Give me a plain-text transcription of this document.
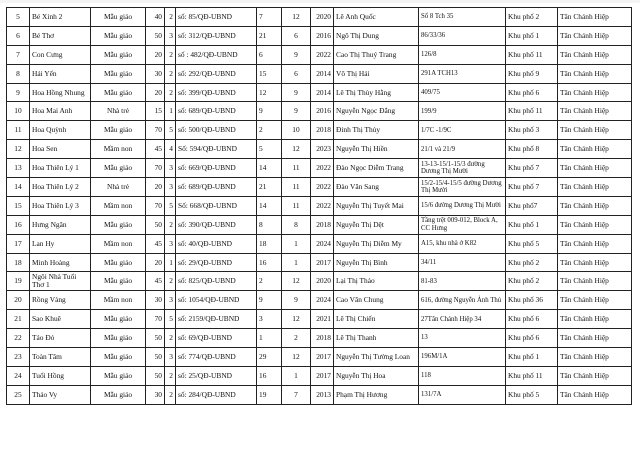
5	Bé Xinh 2	Mẫu giáo	40	2	số: 85/QĐ-UBND	7	12	2020	Lê Anh Quốc	Số 8 Tch 35	Khu phố 2	Tân Chánh Hiệp
6	Bé Thơ	Mẫu giáo	50	3	số: 312/QĐ-UBND	21	6	2016	Ngô Thị Dung	86/33/36	Khu phố 1	Tân Chánh Hiệp
7	Con Cưng	Mẫu giáo	20	2	số : 482/QĐ-UBND	6	9	2022	Cao Thị Thuý Trang	126/8	Khu phố 11	Tân Chánh Hiệp
8	Hải Yến	Mẫu giáo	30	2	số: 292/QĐ-UBND	15	6	2014	Võ Thị Hải	291A TCH13	Khu phố 9	Tân Chánh Hiệp
9	Hoa Hồng Nhung	Mẫu giáo	20	2	số: 399/QĐ-UBND	12	9	2014	Lê Thị Thùy Hằng	409/75	Khu phố 6	Tân Chánh Hiệp
10	Hoa Mai Anh	Nhà trẻ	15	1	số: 689/QĐ-UBND	9	9	2016	Nguyễn Ngọc Đẳng	199/9	Khu phố 11	Tân Chánh Hiệp
11	Hoa Quỳnh	Mẫu giáo	70	5	số: 500/QĐ-UBND	2	10	2018	Đinh Thị Thủy	1/7C -1/9C	Khu phố 3	Tân Chánh Hiệp
12	Hoa Sen	Mầm non	45	4	Số: 594/QĐ-UBND	5	12	2023	Nguyễn Thị Hiền	21/1 và 21/9	Khu phố 8	Tân Chánh Hiệp
13	Hoa Thiên Lý 1	Mẫu giáo	70	3	số: 669/QĐ-UBND	14	11	2022	Đào Ngọc Diễm Trang	13-13-15/1-15/3 đường Dương Thị Mười	Khu phố 7	Tân Chánh Hiệp
14	Hoa Thiên Lý 2	Nhà trẻ	20	3	số: 689/QĐ-UBND	21	11	2022	Đào Văn Sang	15/2-15/4-15/5 đường Dương Thị Mười	Khu phố 7	Tân Chánh Hiệp
15	Hoa Thiên Lý 3	Mầm non	70	5	Số: 668/QĐ-UBND	14	11	2022	Nguyễn Thị Tuyết Mai	15/6 đường Dương Thị Mười	Khu phố7	Tân Chánh Hiệp
16	Hưng Ngân	Mẫu giáo	50	2	số: 390/QĐ-UBND	8	8	2018	Nguyễn Thị Dệt	Tầng trệt 009-012, Block A, CC Hưng	Khu phố 1	Tân Chánh Hiệp
17	Lan Hy	Mầm non	45	3	số: 40/QĐ-UBND	18	1	2024	Nguyễn Thị Diễm My	A15, khu nhà ở K82	Khu phố 5	Tân Chánh Hiệp
18	Minh Hoàng	Mẫu giáo	20	1	số: 29/QĐ-UBND	16	1	2017	Nguyễn Thị Bình	34/11	Khu phố 2	Tân Chánh Hiệp
19	Ngôi Nhà Tuổi Thơ 1	Mẫu giáo	45	2	số: 825/QĐ-UBND	2	12	2020	Lại Thị Thảo	81-83	Khu phố 2	Tân Chánh Hiệp
20	Rồng Vàng	Mầm non	30	3	số: 1054/QĐ-UBND	9	9	2024	Cao Văn Chung	616, đường Nguyễn Ảnh Thủ	Khu phố 36	Tân Chánh Hiệp
21	Sao Khuê	Mẫu giáo	70	5	số: 2159/QĐ-UBND	3	12	2021	Lê Thị Chiến	27Tân Chánh Hiệp 34	Khu phố 6	Tân Chánh Hiệp
22	Táo Đỏ	Mẫu giáo	50	2	số: 69/QĐ-UBND	1	2	2018	Lê Thị Thanh	13	Khu phố 6	Tân Chánh Hiệp
23	Toàn Tâm	Mẫu giáo	50	3	số: 774/QĐ-UBND	29	12	2017	Nguyễn Thị Tường Loan	196M/1A	Khu phố 1	Tân Chánh Hiệp
24	Tuổi Hồng	Mẫu giáo	50	2	số: 25/QĐ-UBND	16	1	2017	Nguyễn Thị Hoa	118	Khu phố 11	Tân Chánh Hiệp
25	Thảo Vy	Mẫu giáo	30	2	số: 284/QĐ-UBND	19	7	2013	Phạm Thị Hương	131/7A	Khu phố 5	Tân Chánh Hiệp
